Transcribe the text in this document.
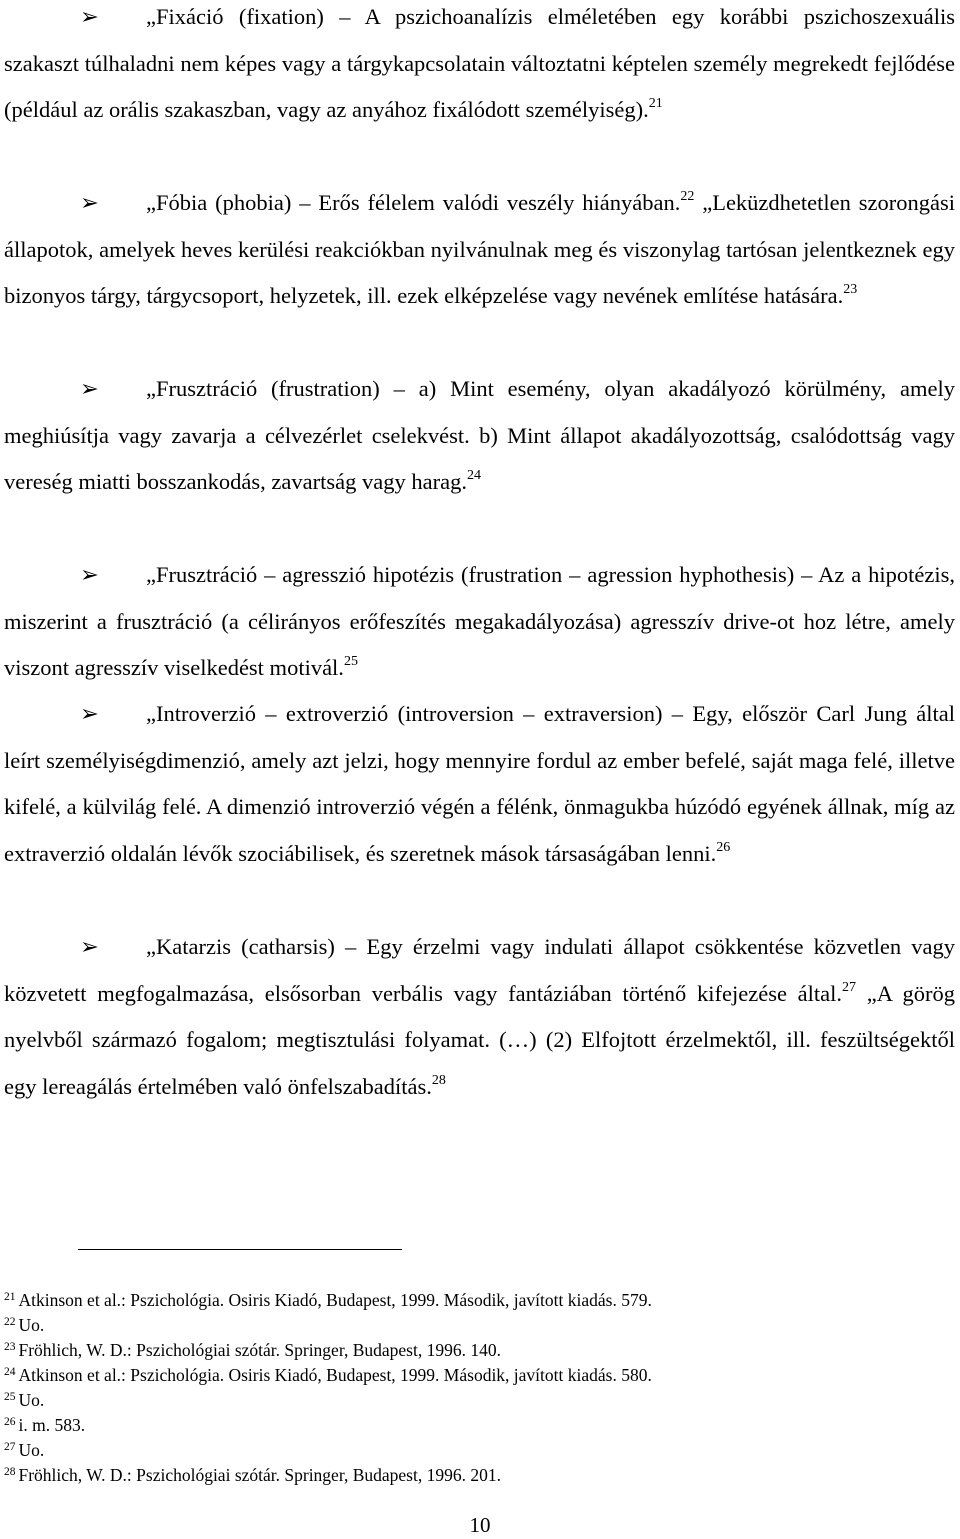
➢ „Fixáció (fixation) – A pszichoanalízis elméletében egy korábbi pszichoszexuális szakaszt túlhaladni nem képes vagy a tárgykapcsolatain változtatni képtelen személy megrekedt fejlődése (például az orális szakaszban, vagy az anyához fixálódott személyiség).$^{21}$

➢ „Fóbia (phobia) – Erős félelem valódi veszély hiányában.$^{22}$ „Leküzdhetetlen szorongási állapotok, amelyek heves kerülési reakciókban nyilvánulnak meg és viszonylag tartósan jelentkeznek egy bizonyos tárgy, tárgycsoport, helyzetek, ill. ezek elképzelése vagy nevének említése hatására.$^{23}$

➢ „Frusztráció (frustration) – a) Mint esemény, olyan akadályozó körülmény, amely meghiúsítja vagy zavarja a célvezérlet cselekvést. b) Mint állapot akadályozottság, csalódottság vagy vereség miatti bosszankodás, zavartság vagy harag.$^{24}$

➢ „Frusztráció – agresszió hipotézis (frustration – agression hyphothesis) – Az a hipotézis, miszerint a frusztráció (a célirányos erőfeszítés megakadályozása) agresszív drive-ot hoz létre, amely viszont agresszív viselkedést motivál.$^{25}$

➢ „Introverzió – extroverzió (introversion – extraversion) – Egy, először Carl Jung által leírt személyiségdimenzió, amely azt jelzi, hogy mennyire fordul az ember befelé, saját maga felé, illetve kifelé, a külvilág felé. A dimenzió introverzió végén a félénk, önmagukba húzódó egyének állnak, míg az extraverzió oldalán lévők szociábilisek, és szeretnek mások társaságában lenni.$^{26}$

➢ „Katarzis (catharsis) – Egy érzelmi vagy indulati állapot csökkentése közvetlen vagy közvetett megfogalmazása, elsősorban verbális vagy fantáziában történő kifejezése által.$^{27}$ „A görög nyelvből származó fogalom; megtisztulási folyamat. (…) (2) Elfojtott érzelmektől, ill. feszültségektől egy lereagálás értelmében való önfelszabadítás.$^{28}$

$^{21}$ Atkinson et al.: Pszichológia. Osiris Kiadó, Budapest, 1999. Második, javított kiadás. 579.
$^{22}$ Uo.
$^{23}$ Fröhlich, W. D.: Pszichológiai szótár. Springer, Budapest, 1996. 140.
$^{24}$ Atkinson et al.: Pszichológia. Osiris Kiadó, Budapest, 1999. Második, javított kiadás. 580.
$^{25}$ Uo.
$^{26}$ i. m. 583.
$^{27}$ Uo.
$^{28}$ Fröhlich, W. D.: Pszichológiai szótár. Springer, Budapest, 1996. 201.
10
